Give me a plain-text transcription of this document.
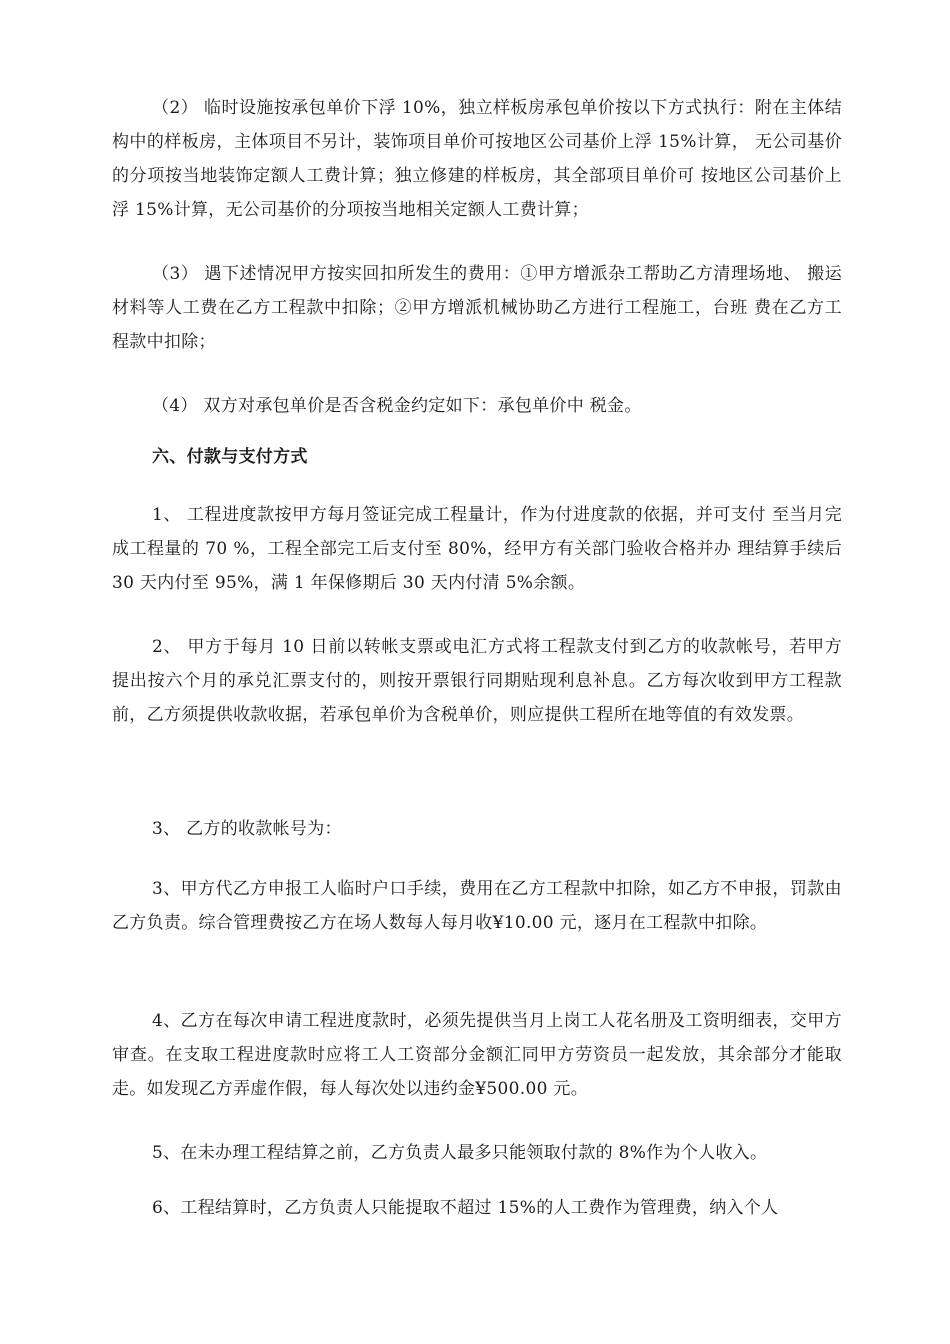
（2） 临时设施按承包单价下浮 10%，独立样板房承包单价按以下方式执行：附在主体结构中的样板房，主体项目不另计，装饰项目单价可按地区公司基价上浮 15%计算， 无公司基价的分项按当地装饰定额人工费计算；独立修建的样板房，其全部项目单价可 按地区公司基价上浮 15%计算，无公司基价的分项按当地相关定额人工费计算；

（3） 遇下述情况甲方按实回扣所发生的费用：①甲方增派杂工帮助乙方清理场地、 搬运材料等人工费在乙方工程款中扣除；②甲方增派机械协助乙方进行工程施工，台班 费在乙方工程款中扣除；

（4） 双方对承包单价是否含税金约定如下：承包单价中 税金。

六、付款与支付方式

1、 工程进度款按甲方每月签证完成工程量计，作为付进度款的依据，并可支付 至当月完成工程量的 70 %，工程全部完工后支付至 80%，经甲方有关部门验收合格并办 理结算手续后 30 天内付至 95%，满 1 年保修期后 30 天内付清 5%余额。

2、 甲方于每月 10 日前以转帐支票或电汇方式将工程款支付到乙方的收款帐号，若甲方提出按六个月的承兑汇票支付的，则按开票银行同期贴现利息补息。乙方每次收到甲方工程款前，乙方须提供收款收据，若承包单价为含税单价，则应提供工程所在地等值的有效发票。

3、 乙方的收款帐号为：

3、甲方代乙方申报工人临时户口手续，费用在乙方工程款中扣除，如乙方不申报，罚款由乙方负责。综合管理费按乙方在场人数每人每月收¥10.00 元，逐月在工程款中扣除。

4、乙方在每次申请工程进度款时，必须先提供当月上岗工人花名册及工资明细表，交甲方审查。在支取工程进度款时应将工人工资部分金额汇同甲方劳资员一起发放，其余部分才能取走。如发现乙方弄虚作假，每人每次处以违约金¥500.00 元。

5、在未办理工程结算之前，乙方负责人最多只能领取付款的 8%作为个人收入。

6、工程结算时，乙方负责人只能提取不超过 15%的人工费作为管理费，纳入个人
